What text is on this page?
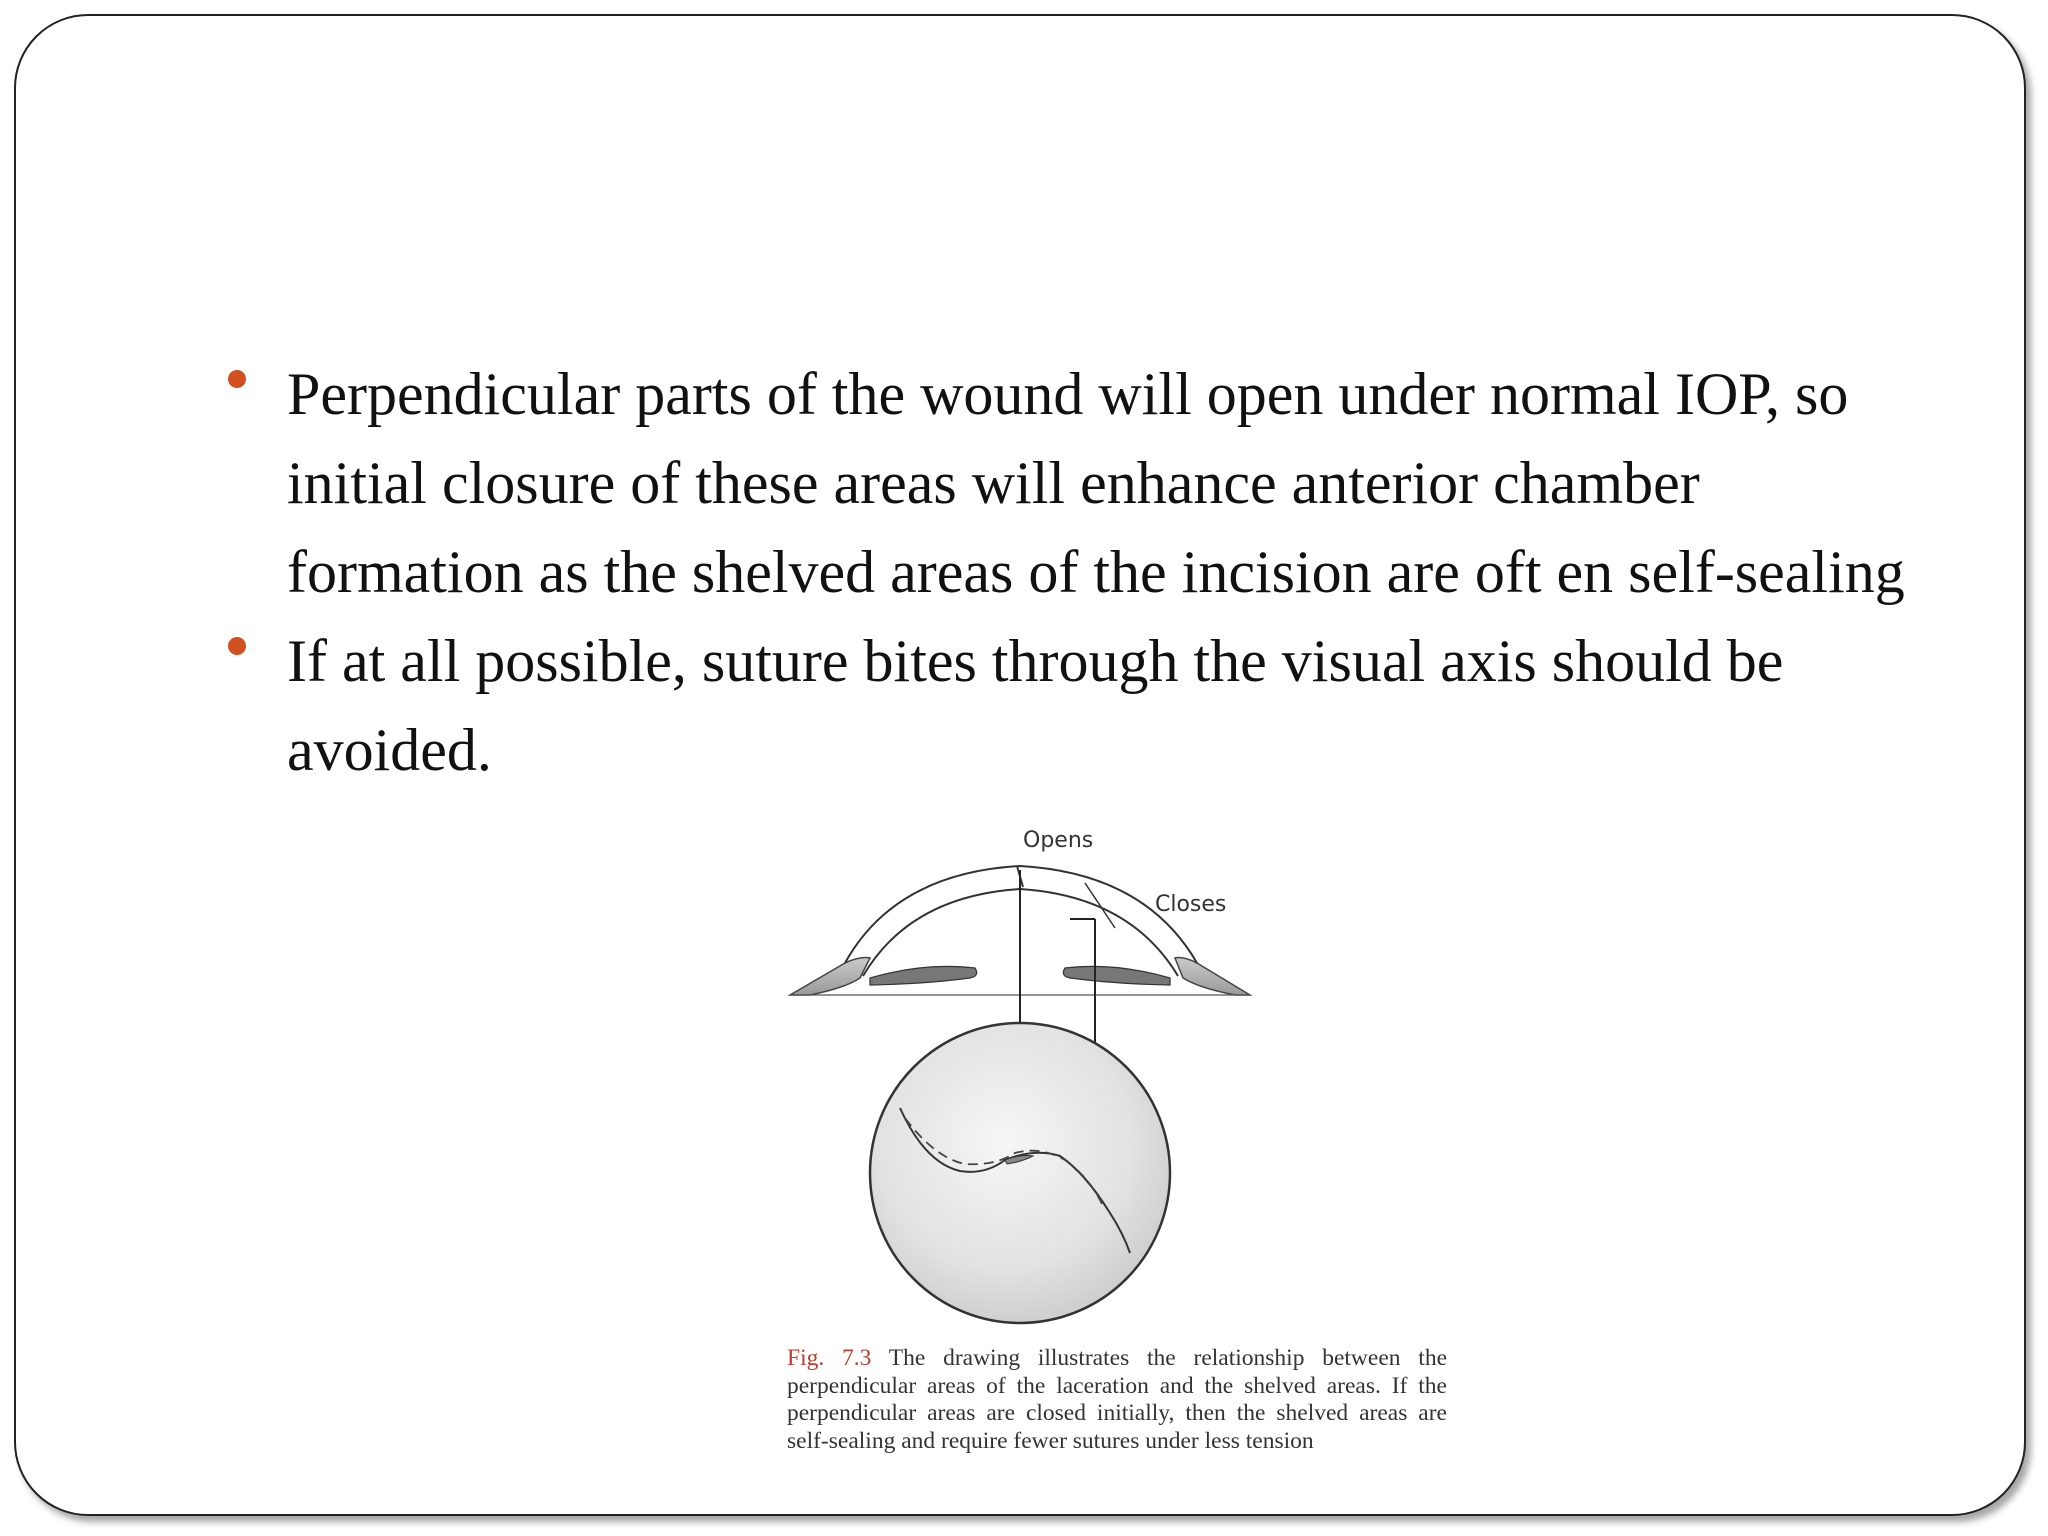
Perpendicular parts of the wound will open under normal IOP, so initial closure of these areas will enhance anterior chamber formation as the shelved areas of the incision are oft en self-sealing
If at all possible, suture bites through the visual axis should be avoided.
Opens
Closes
Fig. 7.3 The drawing illustrates the relationship between the perpendicular areas of the laceration and the shelved areas. If the perpendicular areas are closed initially, then the shelved areas are self-sealing and require fewer sutures under less tension
